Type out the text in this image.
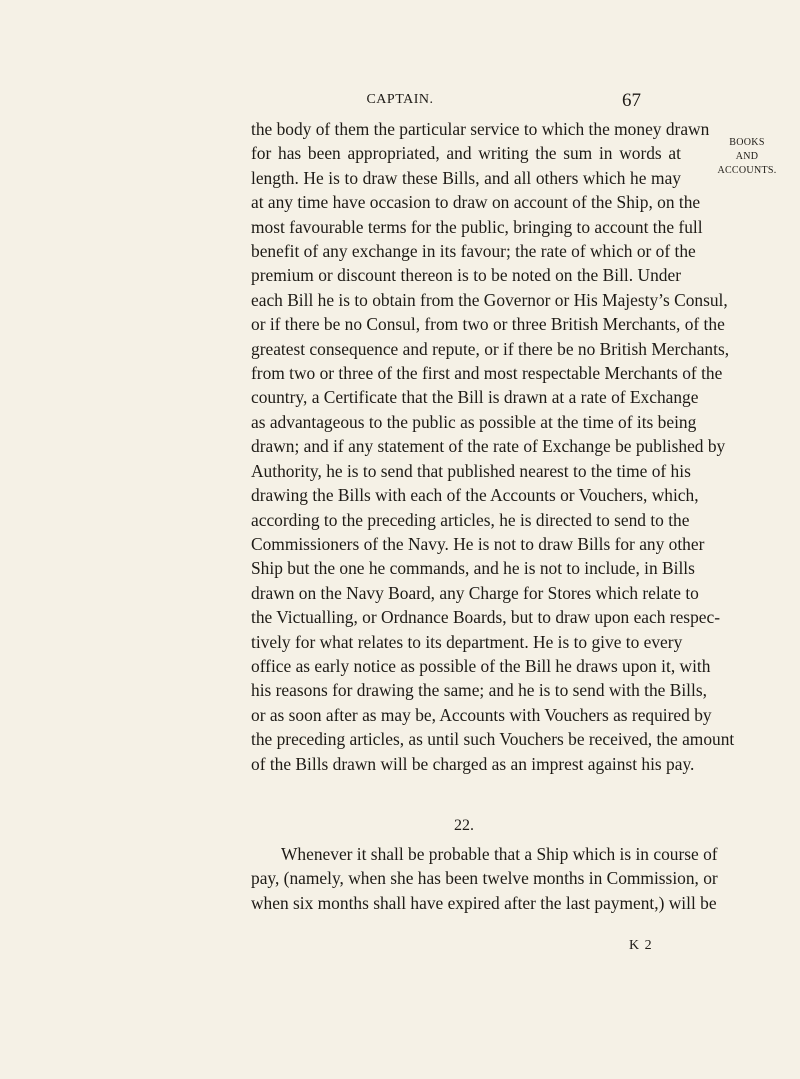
CAPTAIN.	67
BOOKS
AND
ACCOUNTS.
the body of them the particular service to which the money drawn
for has been appropriated, and writing the sum in words at
length. He is to draw these Bills, and all others which he may
at any time have occasion to draw on account of the Ship, on the
most favourable terms for the public, bringing to account the full
benefit of any exchange in its favour; the rate of which or of the
premium or discount thereon is to be noted on the Bill. Under
each Bill he is to obtain from the Governor or His Majesty’s Consul,
or if there be no Consul, from two or three British Merchants, of the
greatest consequence and repute, or if there be no British Merchants,
from two or three of the first and most respectable Merchants of the
country, a Certificate that the Bill is drawn at a rate of Exchange
as advantageous to the public as possible at the time of its being
drawn; and if any statement of the rate of Exchange be published by
Authority, he is to send that published nearest to the time of his
drawing the Bills with each of the Accounts or Vouchers, which,
according to the preceding articles, he is directed to send to the
Commissioners of the Navy. He is not to draw Bills for any other
Ship but the one he commands, and he is not to include, in Bills
drawn on the Navy Board, any Charge for Stores which relate to
the Victualling, or Ordnance Boards, but to draw upon each respec-
tively for what relates to its department. He is to give to every
office as early notice as possible of the Bill he draws upon it, with
his reasons for drawing the same; and he is to send with the Bills,
or as soon after as may be, Accounts with Vouchers as required by
the preceding articles, as until such Vouchers be received, the amount
of the Bills drawn will be charged as an imprest against his pay.
22.
Whenever it shall be probable that a Ship which is in course of
pay, (namely, when she has been twelve months in Commission, or
when six months shall have expired after the last payment,) will be
K 2
